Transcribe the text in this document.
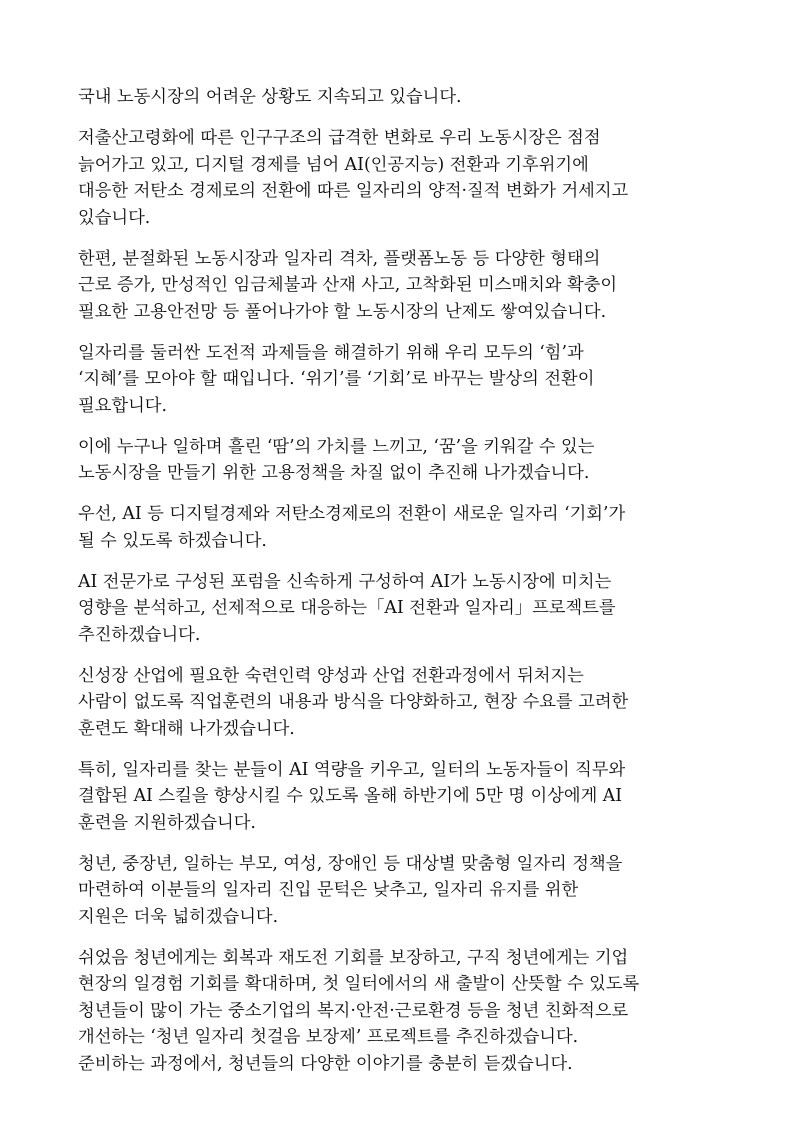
국내 노동시장의 어려운 상황도 지속되고 있습니다.

저출산고령화에 따른 인구구조의 급격한 변화로 우리 노동시장은 점점
늙어가고 있고, 디지털 경제를 넘어 AI(인공지능) 전환과 기후위기에
대응한 저탄소 경제로의 전환에 따른 일자리의 양적·질적 변화가 거세지고
있습니다.

한편, 분절화된 노동시장과 일자리 격차, 플랫폼노동 등 다양한 형태의
근로 증가, 만성적인 임금체불과 산재 사고, 고착화된 미스매치와 확충이
필요한 고용안전망 등 풀어나가야 할 노동시장의 난제도 쌓여있습니다.

일자리를 둘러싼 도전적 과제들을 해결하기 위해 우리 모두의 ‘힘’과
‘지혜’를 모아야 할 때입니다. ‘위기’를 ‘기회’로 바꾸는 발상의 전환이
필요합니다.

이에 누구나 일하며 흘린 ‘땀’의 가치를 느끼고, ‘꿈’을 키워갈 수 있는
노동시장을 만들기 위한 고용정책을 차질 없이 추진해 나가겠습니다.

우선, AI 등 디지털경제와 저탄소경제로의 전환이 새로운 일자리 ‘기회’가
될 수 있도록 하겠습니다.

AI 전문가로 구성된 포럼을 신속하게 구성하여 AI가 노동시장에 미치는
영향을 분석하고, 선제적으로 대응하는「AI 전환과 일자리」프로젝트를
추진하겠습니다.

신성장 산업에 필요한 숙련인력 양성과 산업 전환과정에서 뒤처지는
사람이 없도록 직업훈련의 내용과 방식을 다양화하고, 현장 수요를 고려한
훈련도 확대해 나가겠습니다.

특히, 일자리를 찾는 분들이 AI 역량을 키우고, 일터의 노동자들이 직무와
결합된 AI 스킬을 향상시킬 수 있도록 올해 하반기에 5만 명 이상에게 AI
훈련을 지원하겠습니다.

청년, 중장년, 일하는 부모, 여성, 장애인 등 대상별 맞춤형 일자리 정책을
마련하여 이분들의 일자리 진입 문턱은 낮추고, 일자리 유지를 위한
지원은 더욱 넓히겠습니다.

쉬었음 청년에게는 회복과 재도전 기회를 보장하고, 구직 청년에게는 기업
현장의 일경험 기회를 확대하며, 첫 일터에서의 새 출발이 산뜻할 수 있도록
청년들이 많이 가는 중소기업의 복지·안전·근로환경 등을 청년 친화적으로
개선하는 ‘청년 일자리 첫걸음 보장제’ 프로젝트를 추진하겠습니다.
준비하는 과정에서, 청년들의 다양한 이야기를 충분히 듣겠습니다.
